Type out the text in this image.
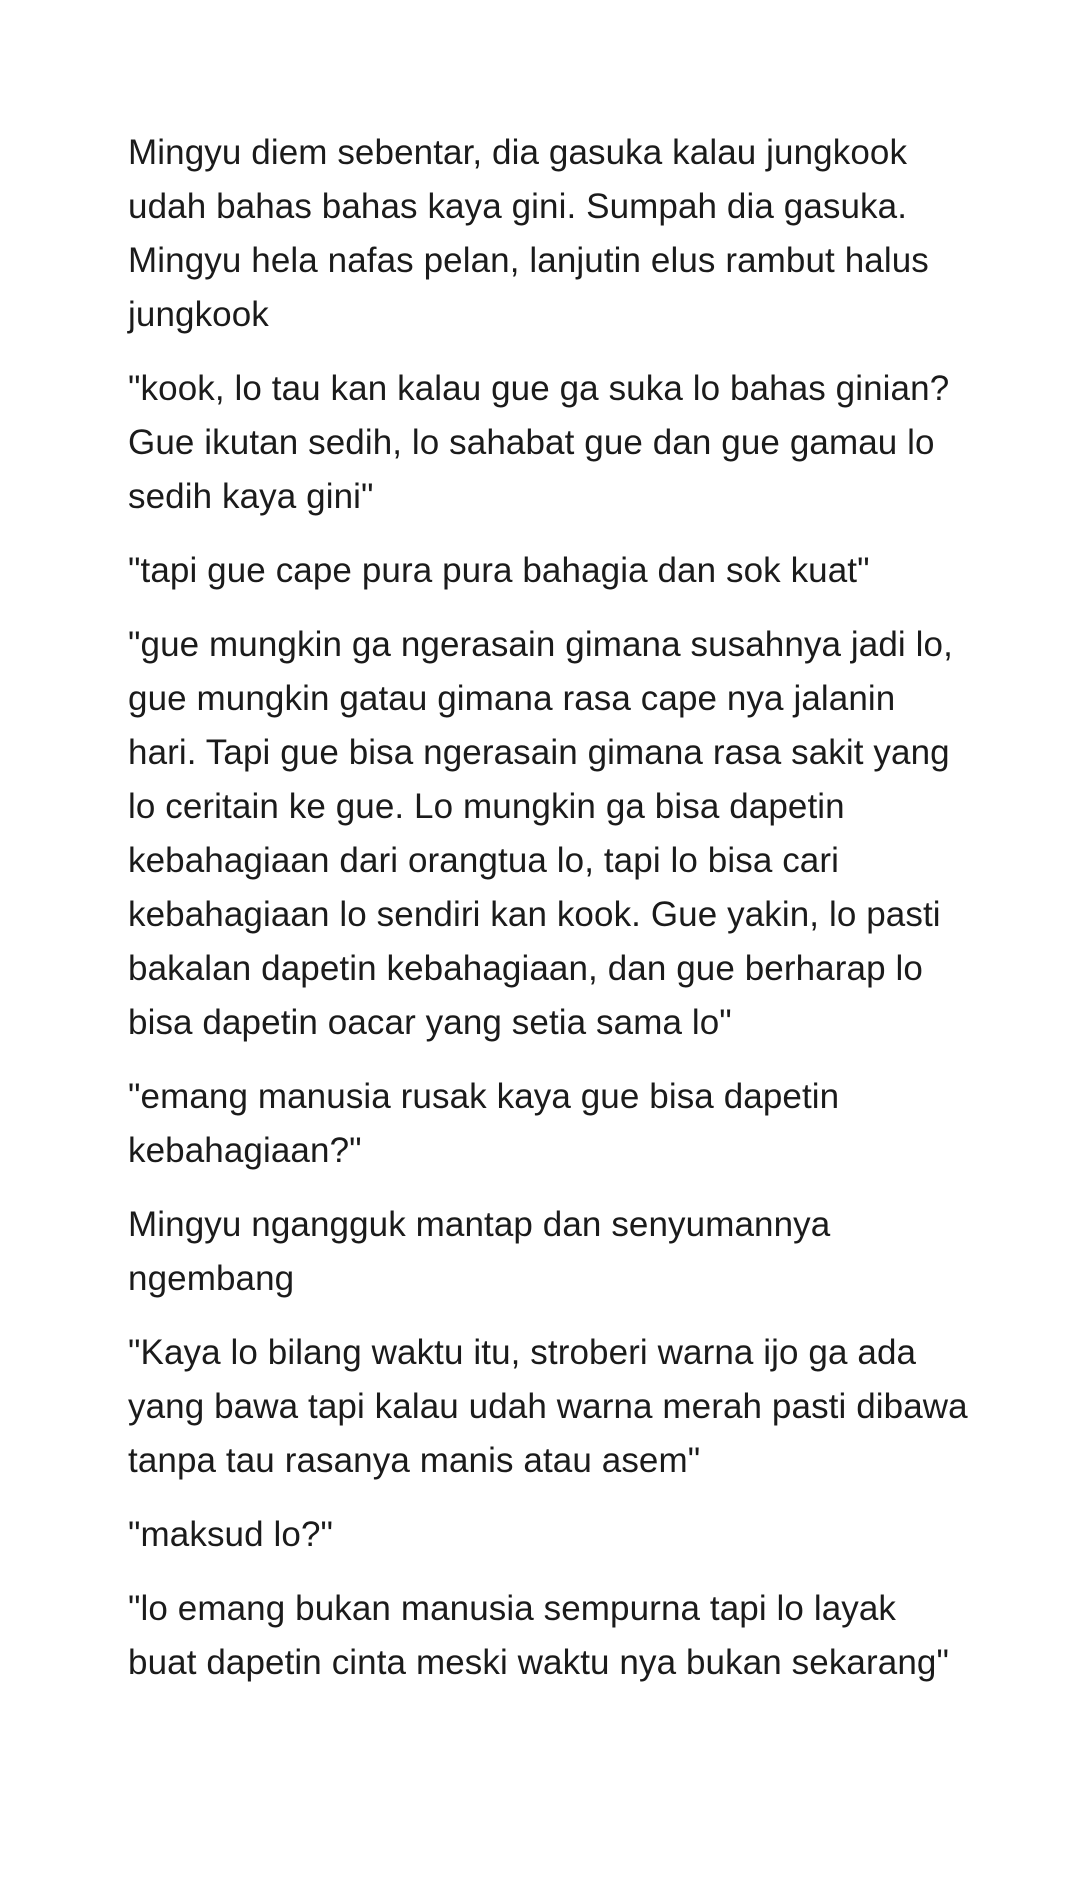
Mingyu diem sebentar, dia gasuka kalau jungkook udah bahas bahas kaya gini. Sumpah dia gasuka. Mingyu hela nafas pelan, lanjutin elus rambut halus jungkook

"kook, lo tau kan kalau gue ga suka lo bahas ginian? Gue ikutan sedih, lo sahabat gue dan gue gamau lo sedih kaya gini"

"tapi gue cape pura pura bahagia dan sok kuat"

"gue mungkin ga ngerasain gimana susahnya jadi lo, gue mungkin gatau gimana rasa cape nya jalanin hari. Tapi gue bisa ngerasain gimana rasa sakit yang lo ceritain ke gue. Lo mungkin ga bisa dapetin kebahagiaan dari orangtua lo, tapi lo bisa cari kebahagiaan lo sendiri kan kook. Gue yakin, lo pasti bakalan dapetin kebahagiaan, dan gue berharap lo bisa dapetin oacar yang setia sama lo"

"emang manusia rusak kaya gue bisa dapetin kebahagiaan?"

Mingyu ngangguk mantap dan senyumannya ngembang

"Kaya lo bilang waktu itu, stroberi warna ijo ga ada yang bawa tapi kalau udah warna merah pasti dibawa tanpa tau rasanya manis atau asem"

"maksud lo?"

"lo emang bukan manusia sempurna tapi lo layak buat dapetin cinta meski waktu nya bukan sekarang"
